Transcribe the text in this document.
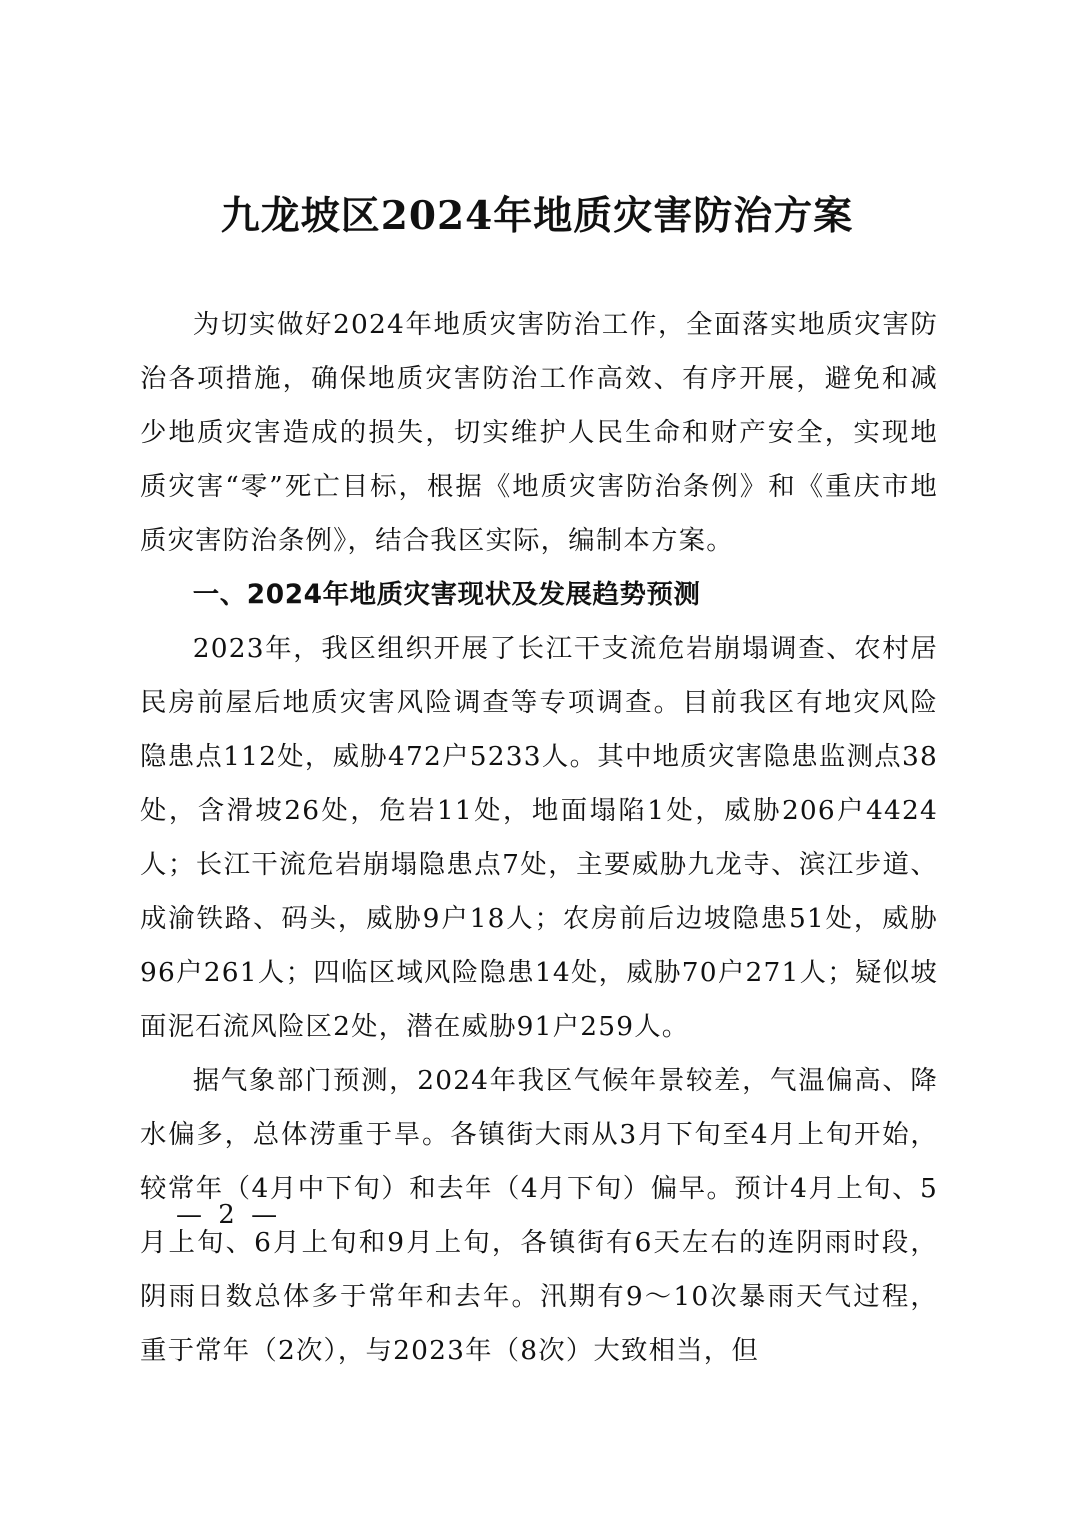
九龙坡区2024年地质灾害防治方案

为切实做好2024年地质灾害防治工作，全面落实地质灾害防治各项措施，确保地质灾害防治工作高效、有序开展，避免和减少地质灾害造成的损失，切实维护人民生命和财产安全，实现地质灾害“零”死亡目标，根据《地质灾害防治条例》和《重庆市地质灾害防治条例》，结合我区实际，编制本方案。

一、2024年地质灾害现状及发展趋势预测

2023年，我区组织开展了长江干支流危岩崩塌调查、农村居民房前屋后地质灾害风险调查等专项调查。目前我区有地灾风险隐患点112处，威胁472户5233人。其中地质灾害隐患监测点38处，含滑坡26处，危岩11处，地面塌陷1处，威胁206户4424人；长江干流危岩崩塌隐患点7处，主要威胁九龙寺、滨江步道、成渝铁路、码头，威胁9户18人；农房前后边坡隐患51处，威胁96户261人；四临区域风险隐患14处，威胁70户271人；疑似坡面泥石流风险区2处，潜在威胁91户259人。

据气象部门预测，2024年我区气候年景较差，气温偏高、降水偏多，总体涝重于旱。各镇街大雨从3月下旬至4月上旬开始，较常年（4月中下旬）和去年（4月下旬）偏早。预计4月上旬、5月上旬、6月上旬和9月上旬，各镇街有6天左右的连阴雨时段，阴雨日数总体多于常年和去年。汛期有9～10次暴雨天气过程，重于常年（2次），与2023年（8次）大致相当，但

— 2 —
